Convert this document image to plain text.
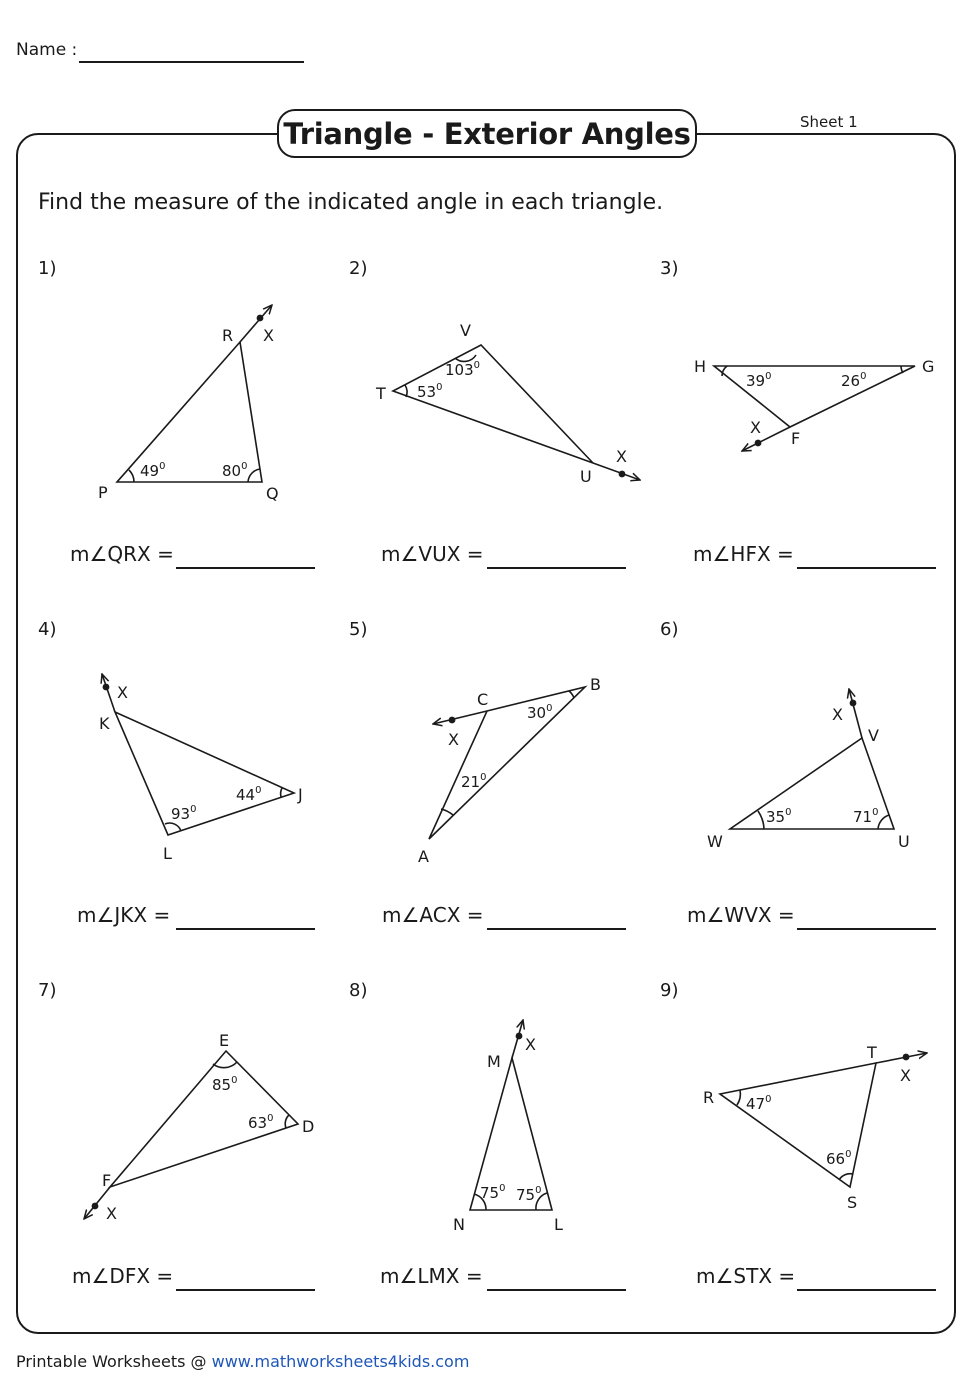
Name :
Triangle - Exterior Angles	Sheet 1
Find the measure of the indicated angle in each triangle.
1)	2)	3)
4)	5)	6)
7)	8)	9)
m∠QRX =	m∠VUX =	m∠HFX =
m∠JKX =	m∠ACX =	m∠WVX =
m∠DFX =	m∠LMX =	m∠STX =
R X
P	Q
V
T
U
X
H	G
X
F
X
K
J
L
C
B
X
A
X
V
W	U
E
D
F
X
X
M
N	L
T
R
X
S
$49^0$	$80^0$
$103^0$
$53^0$	$39^0$	$26^0$
$44^0$
$93^0$
$30^0$
$21^0$
$35^0$	$71^0$
$85^0$
$63^0$
$75^0$ $75^0$
$47^0$
$66^0$
Printable Worksheets @ www.mathworksheets4kids.com
